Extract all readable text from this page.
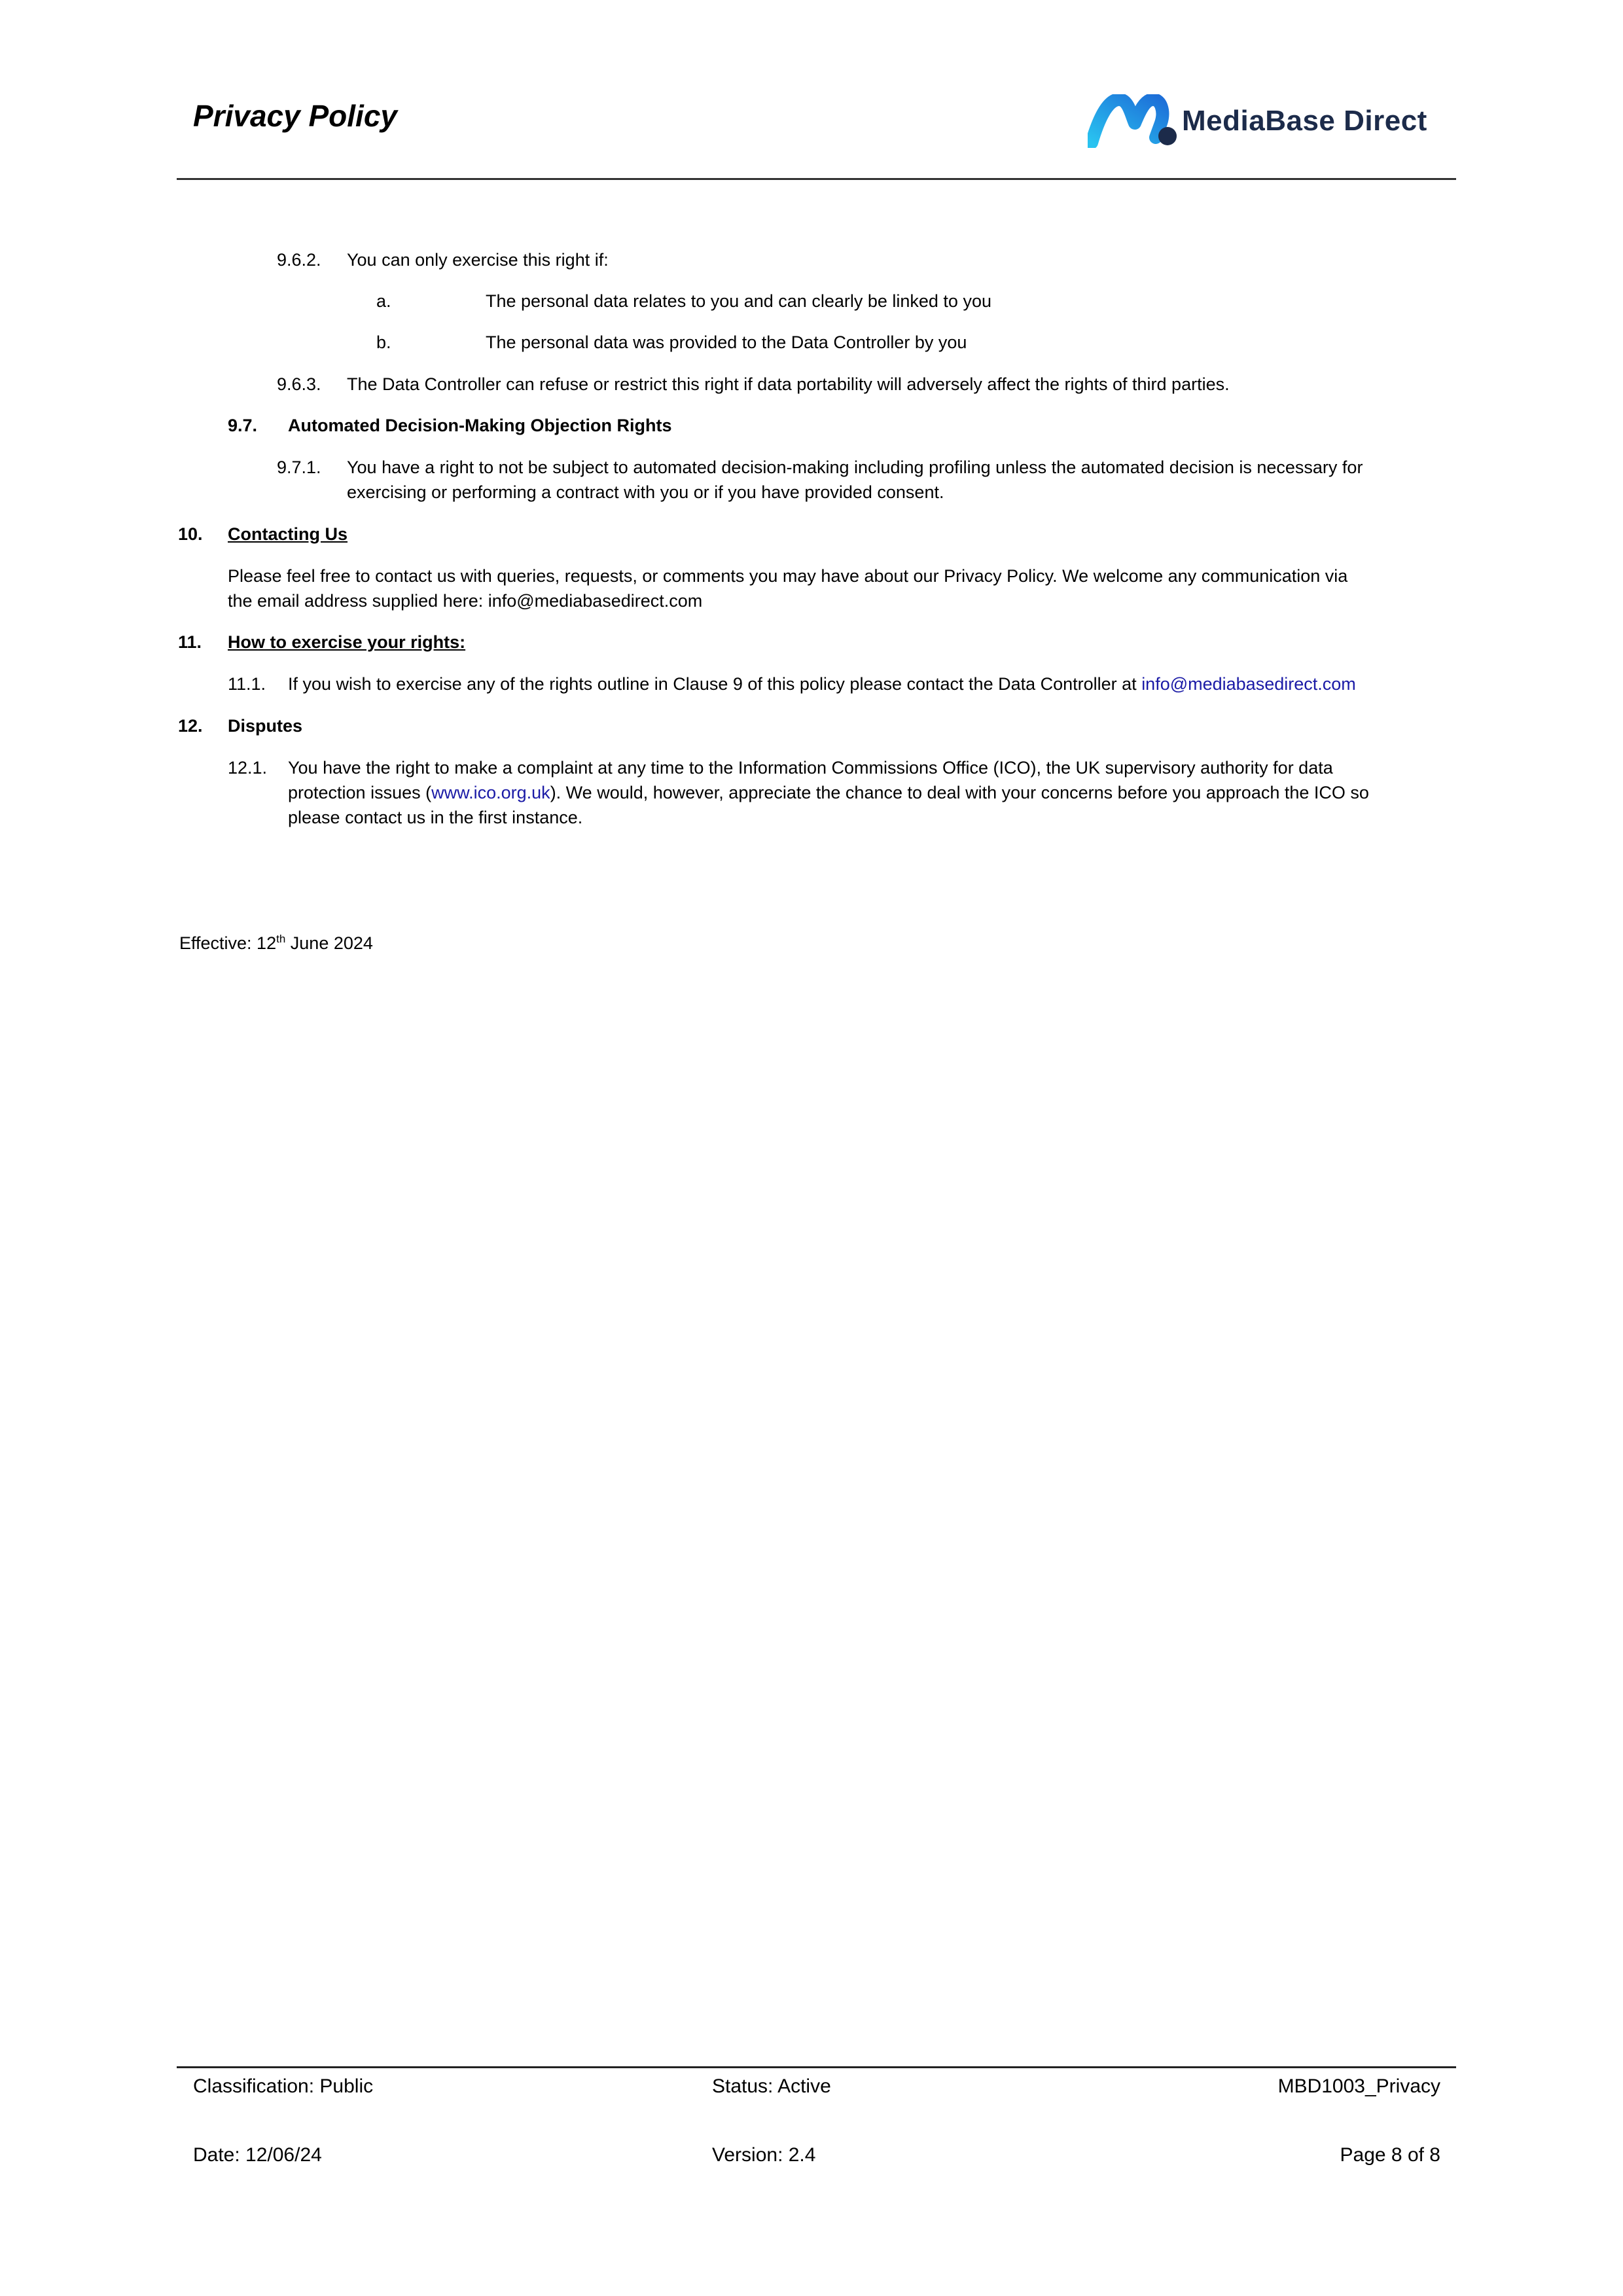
Privacy Policy	MediaBase Direct
9.6.2. You can only exercise this right if:
a.	The personal data relates to you and can clearly be linked to you
b.	The personal data was provided to the Data Controller by you
9.6.3. The Data Controller can refuse or restrict this right if data portability will adversely affect the rights of third parties.
9.7. Automated Decision-Making Objection Rights
9.7.1. You have a right to not be subject to automated decision-making including profiling unless the automated decision is necessary for
exercising or performing a contract with you or if you have provided consent.
10. Contacting Us
Please feel free to contact us with queries, requests, or comments you may have about our Privacy Policy. We welcome any communication via
the email address supplied here: info@mediabasedirect.com
11. How to exercise your rights:
11.1. If you wish to exercise any of the rights outline in Clause 9 of this policy please contact the Data Controller at info@mediabasedirect.com
12. Disputes
12.1. You have the right to make a complaint at any time to the Information Commissions Office (ICO), the UK supervisory authority for data
protection issues (www.ico.org.uk). We would, however, appreciate the chance to deal with your concerns before you approach the ICO so
please contact us in the first instance.
Effective: 12th June 2024
Classification: Public	Status: Active	MBD1003_Privacy
Date: 12/06/24	Version: 2.4	Page 8 of 8
